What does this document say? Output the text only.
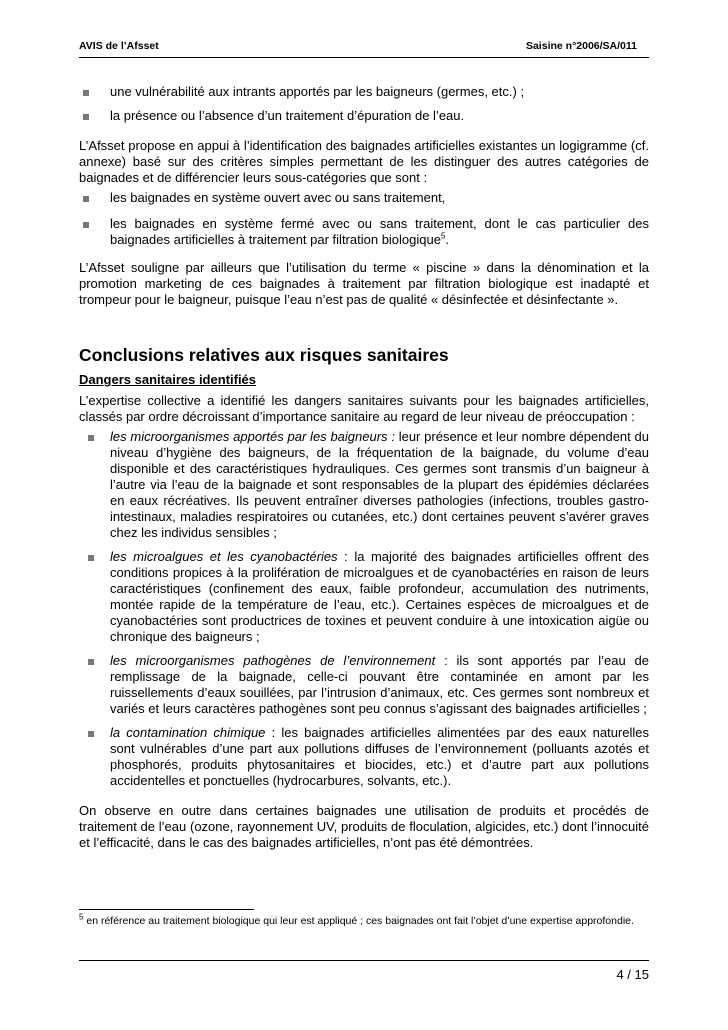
AVIS de l’Afsset	Saisine n°2006/SA/011
une vulnérabilité aux intrants apportés par les baigneurs (germes, etc.) ;
la présence ou l’absence d’un traitement d’épuration de l’eau.

L’Afsset propose en appui à l’identification des baignades artificielles existantes un logigramme (cf. annexe) basé sur des critères simples permettant de les distinguer des autres catégories de baignades et de différencier leurs sous-catégories que sont :

les baignades en système ouvert avec ou sans traitement,
les baignades en système fermé avec ou sans traitement, dont le cas particulier des baignades artificielles à traitement par filtration biologique$^5$.

L’Afsset souligne par ailleurs que l’utilisation du terme « piscine » dans la dénomination et la promotion marketing de ces baignades à traitement par filtration biologique est inadapté et trompeur pour le baigneur, puisque l’eau n’est pas de qualité « désinfectée et désinfectante ».

Conclusions relatives aux risques sanitaires
Dangers sanitaires identifiés

L’expertise collective a identifié les dangers sanitaires suivants pour les baignades artificielles, classés par ordre décroissant d’importance sanitaire au regard de leur niveau de préoccupation :

les microorganismes apportés par les baigneurs : leur présence et leur nombre dépendent du niveau d’hygiène des baigneurs, de la fréquentation de la baignade, du volume d’eau disponible et des caractéristiques hydrauliques. Ces germes sont transmis d’un baigneur à l’autre via l’eau de la baignade et sont responsables de la plupart des épidémies déclarées en eaux récréatives. Ils peuvent entraîner diverses pathologies (infections, troubles gastro-intestinaux, maladies respiratoires ou cutanées, etc.) dont certaines peuvent s’avérer graves chez les individus sensibles ;
les microalgues et les cyanobactéries : la majorité des baignades artificielles offrent des conditions propices à la prolifération de microalgues et de cyanobactéries en raison de leurs caractéristiques (confinement des eaux, faible profondeur, accumulation des nutriments, montée rapide de la température de l’eau, etc.). Certaines espèces de microalgues et de cyanobactéries sont productrices de toxines et peuvent conduire à une intoxication aigüe ou chronique des baigneurs ;
les microorganismes pathogènes de l’environnement : ils sont apportés par l’eau de remplissage de la baignade, celle-ci pouvant être contaminée en amont par les ruissellements d’eaux souillées, par l’intrusion d’animaux, etc. Ces germes sont nombreux et variés et leurs caractères pathogènes sont peu connus s’agissant des baignades artificielles ;
la contamination chimique : les baignades artificielles alimentées par des eaux naturelles sont vulnérables d’une part aux pollutions diffuses de l’environnement (polluants azotés et phosphorés, produits phytosanitaires et biocides, etc.) et d’autre part aux pollutions accidentelles et ponctuelles (hydrocarbures, solvants, etc.).

On observe en outre dans certaines baignades une utilisation de produits et procédés de traitement de l’eau (ozone, rayonnement UV, produits de floculation, algicides, etc.) dont l’innocuité et l’efficacité, dans le cas des baignades artificielles, n’ont pas été démontrées.

$^5$ en référence au traitement biologique qui leur est appliqué ; ces baignades ont fait l’objet d’une expertise approfondie.
4 / 15
